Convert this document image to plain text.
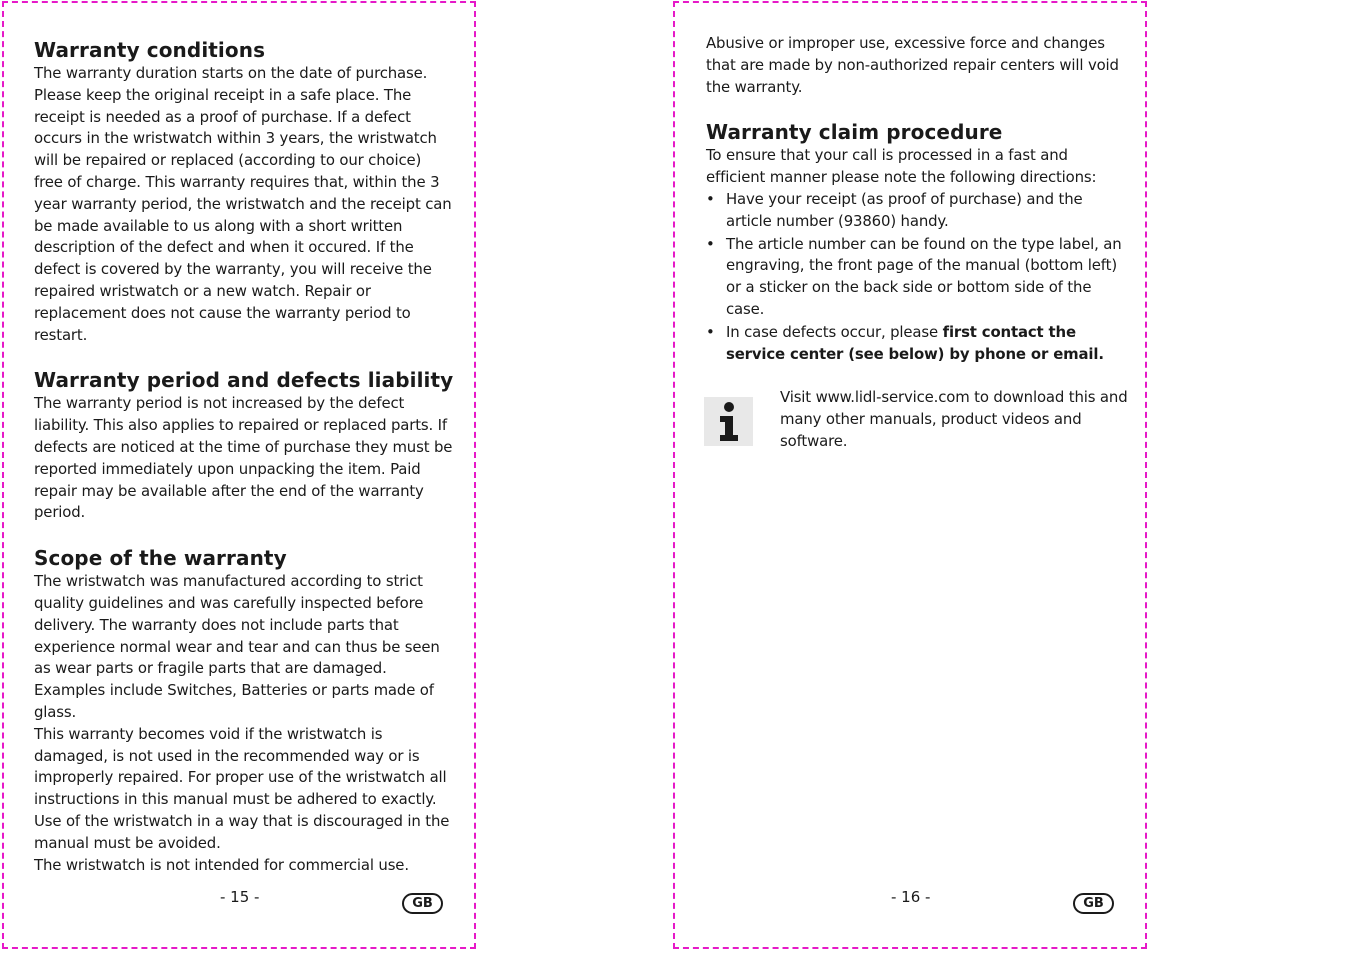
Warranty conditions

The warranty duration starts on the date of purchase. Please keep the original receipt in a safe place. The receipt is needed as a proof of purchase. If a defect occurs in the wristwatch within 3 years, the wristwatch will be repaired or replaced (according to our choice) free of charge. This warranty requires that, within the 3 year warranty period, the wristwatch and the receipt can be made available to us along with a short written description of the defect and when it occured. If the defect is covered by the warranty, you will receive the repaired wristwatch or a new watch. Repair or replacement does not cause the warranty period to restart.

Warranty period and defects liability

The warranty period is not increased by the defect liability. This also applies to repaired or replaced parts. If defects are noticed at the time of purchase they must be reported immediately upon unpacking the item. Paid repair may be available after the end of the warranty period.

Scope of the warranty

The wristwatch was manufactured according to strict quality guidelines and was carefully inspected before delivery. The warranty does not include parts that experience normal wear and tear and can thus be seen as wear parts or fragile parts that are damaged. Examples include Switches, Batteries or parts made of glass.

This warranty becomes void if the wristwatch is damaged, is not used in the recommended way or is improperly repaired. For proper use of the wristwatch all instructions in this manual must be adhered to exactly. Use of the wristwatch in a way that is discouraged in the manual must be avoided.

The wristwatch is not intended for commercial use.

- 15 -	GB

Abusive or improper use, excessive force and changes that are made by non-authorized repair centers will void the warranty.

Warranty claim procedure

To ensure that your call is processed in a fast and efficient manner please note the following directions:

• Have your receipt (as proof of purchase) and the article number (93860) handy.
• The article number can be found on the type label, an engraving, the front page of the manual (bottom left) or a sticker on the back side or bottom side of the case.
• In case defects occur, please first contact the service center (see below) by phone or email.
Visit www.lidl-service.com to download this and many other manuals, product videos and software.
- 16 -	GB
